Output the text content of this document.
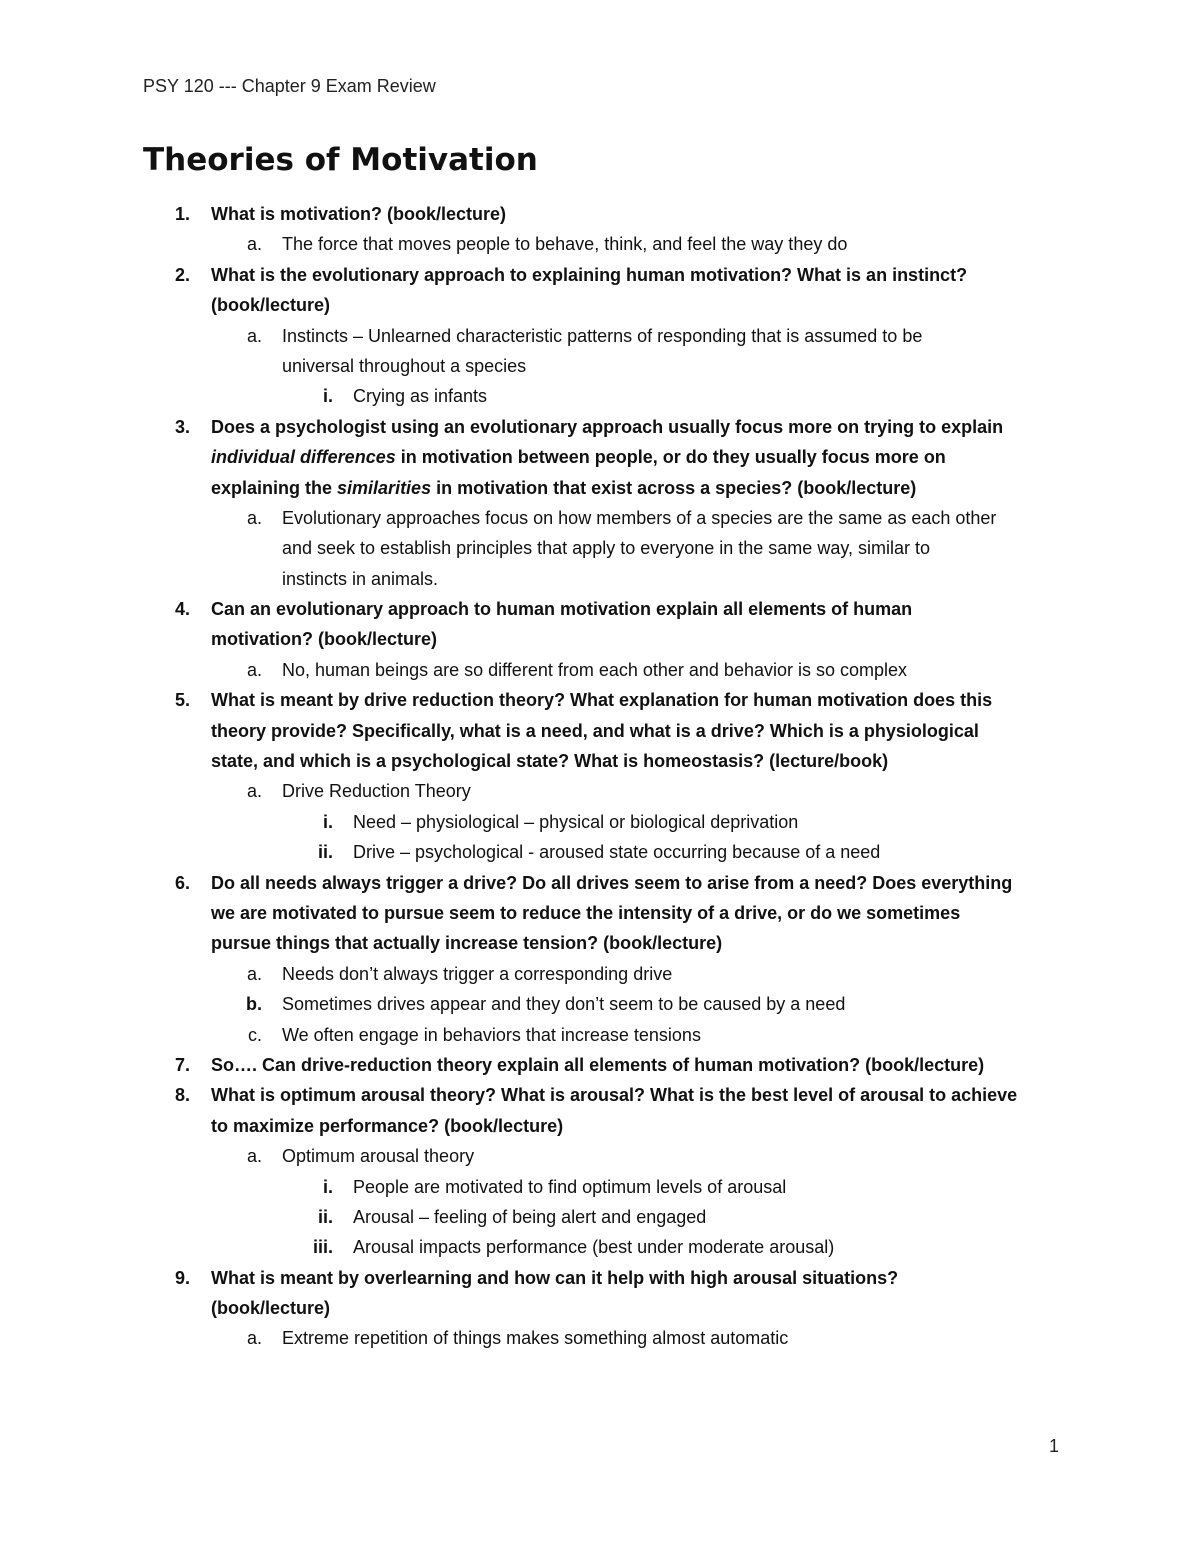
PSY 120 --- Chapter 9 Exam Review
Theories of Motivation
1. What is motivation? (book/lecture)
a. The force that moves people to behave, think, and feel the way they do
2. What is the evolutionary approach to explaining human motivation? What is an instinct?
(book/lecture)
a. Instincts – Unlearned characteristic patterns of responding that is assumed to be
universal throughout a species
i. Crying as infants
3. Does a psychologist using an evolutionary approach usually focus more on trying to explain
individual differences in motivation between people, or do they usually focus more on
explaining the similarities in motivation that exist across a species? (book/lecture)
a. Evolutionary approaches focus on how members of a species are the same as each other
and seek to establish principles that apply to everyone in the same way, similar to
instincts in animals.
4. Can an evolutionary approach to human motivation explain all elements of human
motivation? (book/lecture)
a. No, human beings are so different from each other and behavior is so complex
5. What is meant by drive reduction theory? What explanation for human motivation does this
theory provide? Specifically, what is a need, and what is a drive? Which is a physiological
state, and which is a psychological state? What is homeostasis? (lecture/book)
a. Drive Reduction Theory
i. Need – physiological – physical or biological deprivation
ii. Drive – psychological - aroused state occurring because of a need
6. Do all needs always trigger a drive? Do all drives seem to arise from a need? Does everything
we are motivated to pursue seem to reduce the intensity of a drive, or do we sometimes
pursue things that actually increase tension? (book/lecture)
a. Needs don’t always trigger a corresponding drive
b. Sometimes drives appear and they don’t seem to be caused by a need
c. We often engage in behaviors that increase tensions
7. So…. Can drive-reduction theory explain all elements of human motivation? (book/lecture)
8. What is optimum arousal theory? What is arousal? What is the best level of arousal to achieve
to maximize performance? (book/lecture)
a. Optimum arousal theory
i. People are motivated to find optimum levels of arousal
ii. Arousal – feeling of being alert and engaged
iii. Arousal impacts performance (best under moderate arousal)
9. What is meant by overlearning and how can it help with high arousal situations?
(book/lecture)
a. Extreme repetition of things makes something almost automatic
1
